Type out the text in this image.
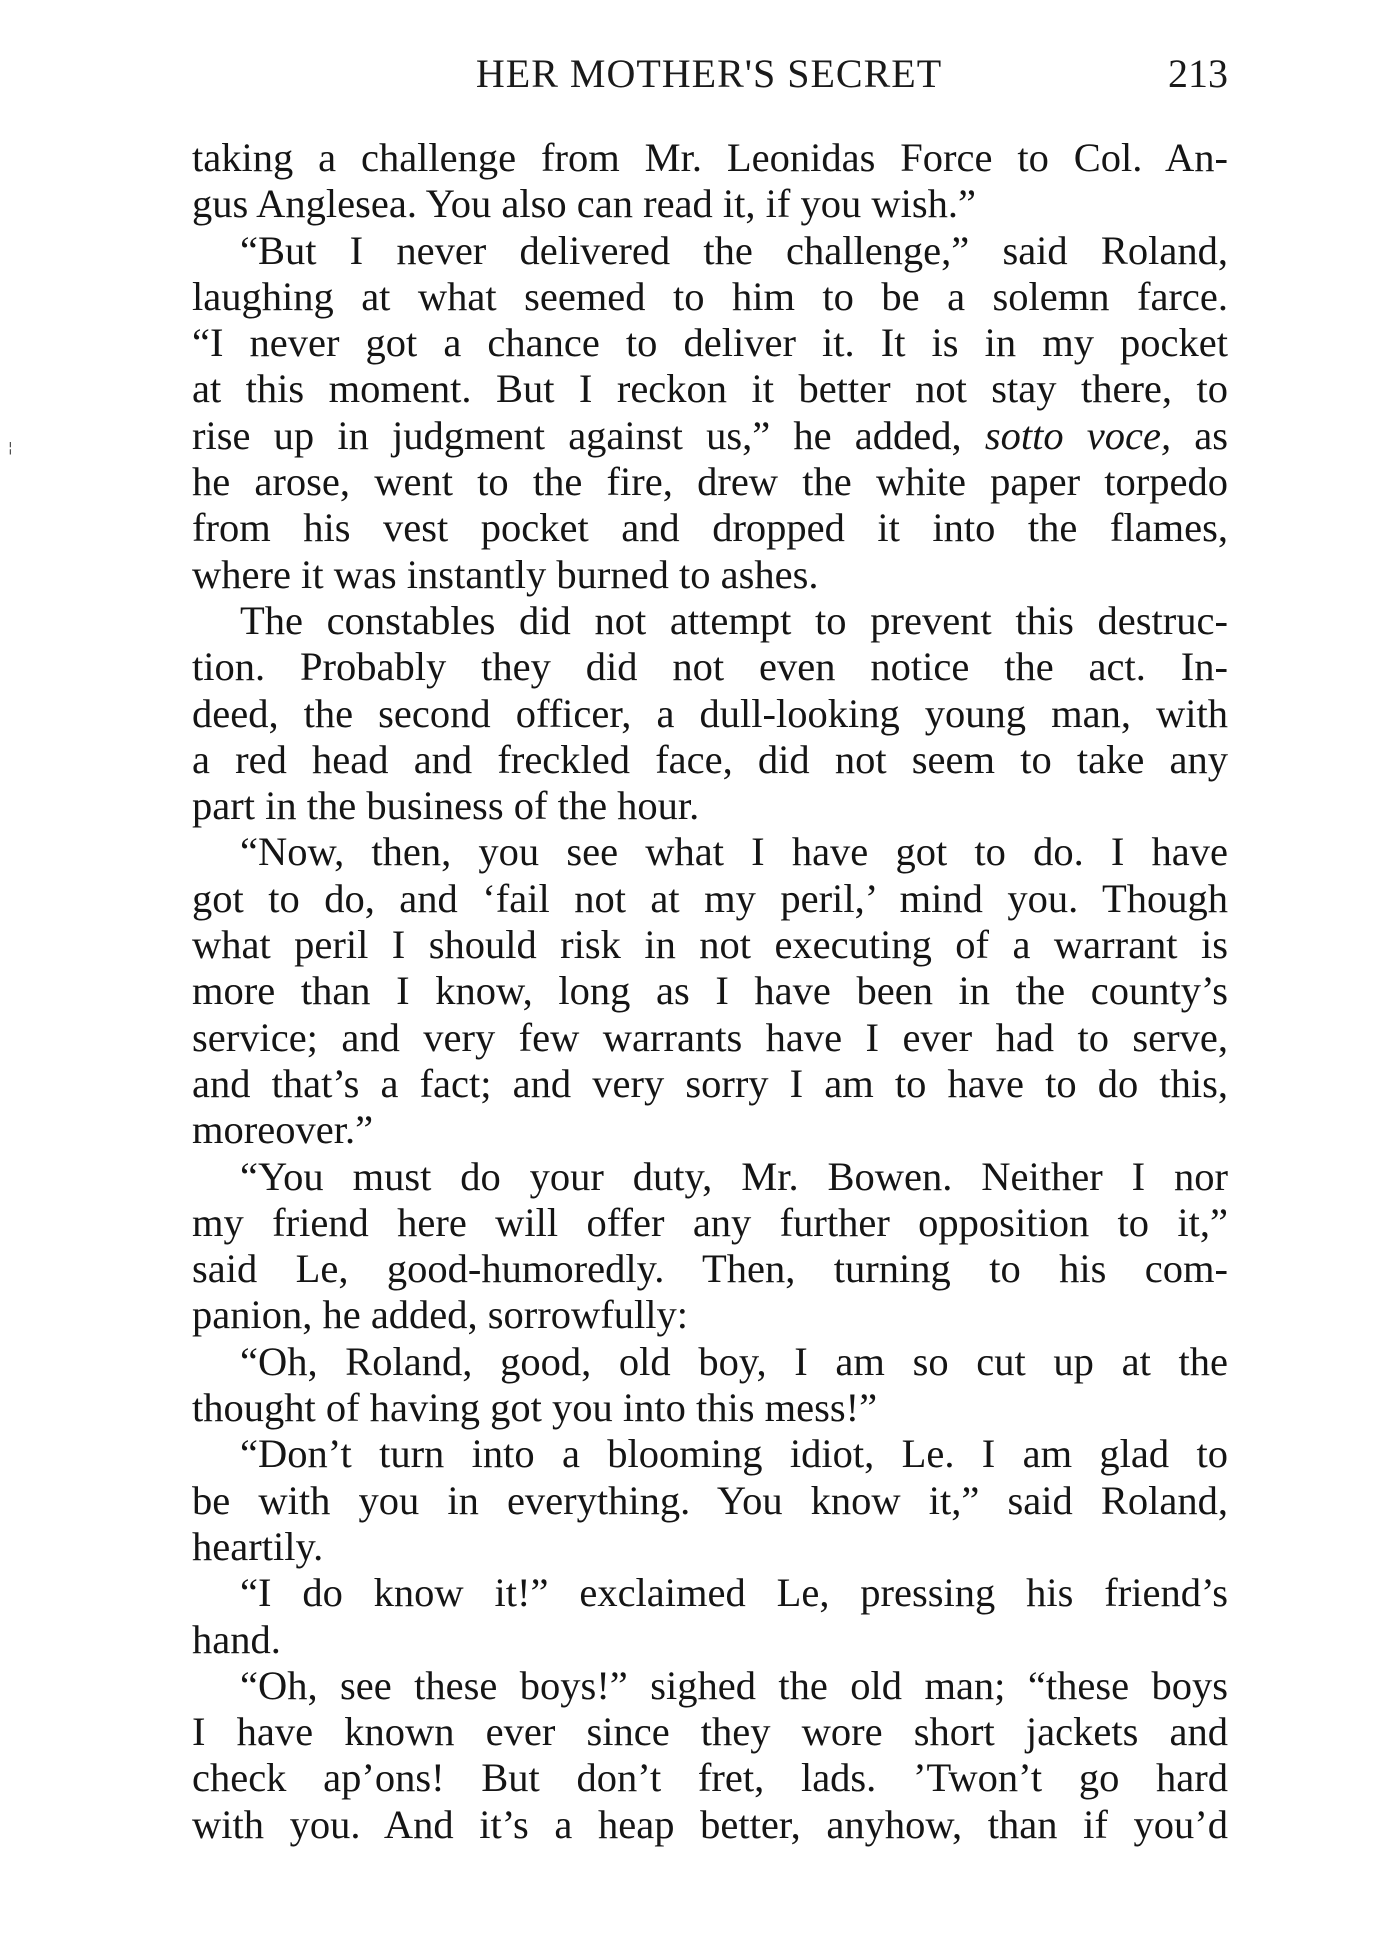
HER MOTHER'S SECRET	213
¦
taking a challenge from Mr. Leonidas Force to Col. An-
gus Anglesea. You also can read it, if you wish.”
“But I never delivered the challenge,” said Roland,
laughing at what seemed to him to be a solemn farce.
“I never got a chance to deliver it. It is in my pocket
at this moment. But I reckon it better not stay there, to
rise up in judgment against us,” he added, sotto voce, as
he arose, went to the fire, drew the white paper torpedo
from his vest pocket and dropped it into the flames,
where it was instantly burned to ashes.
The constables did not attempt to prevent this destruc-
tion. Probably they did not even notice the act. In-
deed, the second officer, a dull-looking young man, with
a red head and freckled face, did not seem to take any
part in the business of the hour.
“Now, then, you see what I have got to do. I have
got to do, and ‘fail not at my peril,’ mind you. Though
what peril I should risk in not executing of a warrant is
more than I know, long as I have been in the county’s
service; and very few warrants have I ever had to serve,
and that’s a fact; and very sorry I am to have to do this,
moreover.”
“You must do your duty, Mr. Bowen. Neither I nor
my friend here will offer any further opposition to it,”
said Le, good-humoredly. Then, turning to his com-
panion, he added, sorrowfully:
“Oh, Roland, good, old boy, I am so cut up at the
thought of having got you into this mess!”
“Don’t turn into a blooming idiot, Le. I am glad to
be with you in everything. You know it,” said Roland,
heartily.
“I do know it!” exclaimed Le, pressing his friend’s
hand.
“Oh, see these boys!” sighed the old man; “these boys
I have known ever since they wore short jackets and
check ap’ons! But don’t fret, lads. ’Twon’t go hard
with you. And it’s a heap better, anyhow, than if you’d
